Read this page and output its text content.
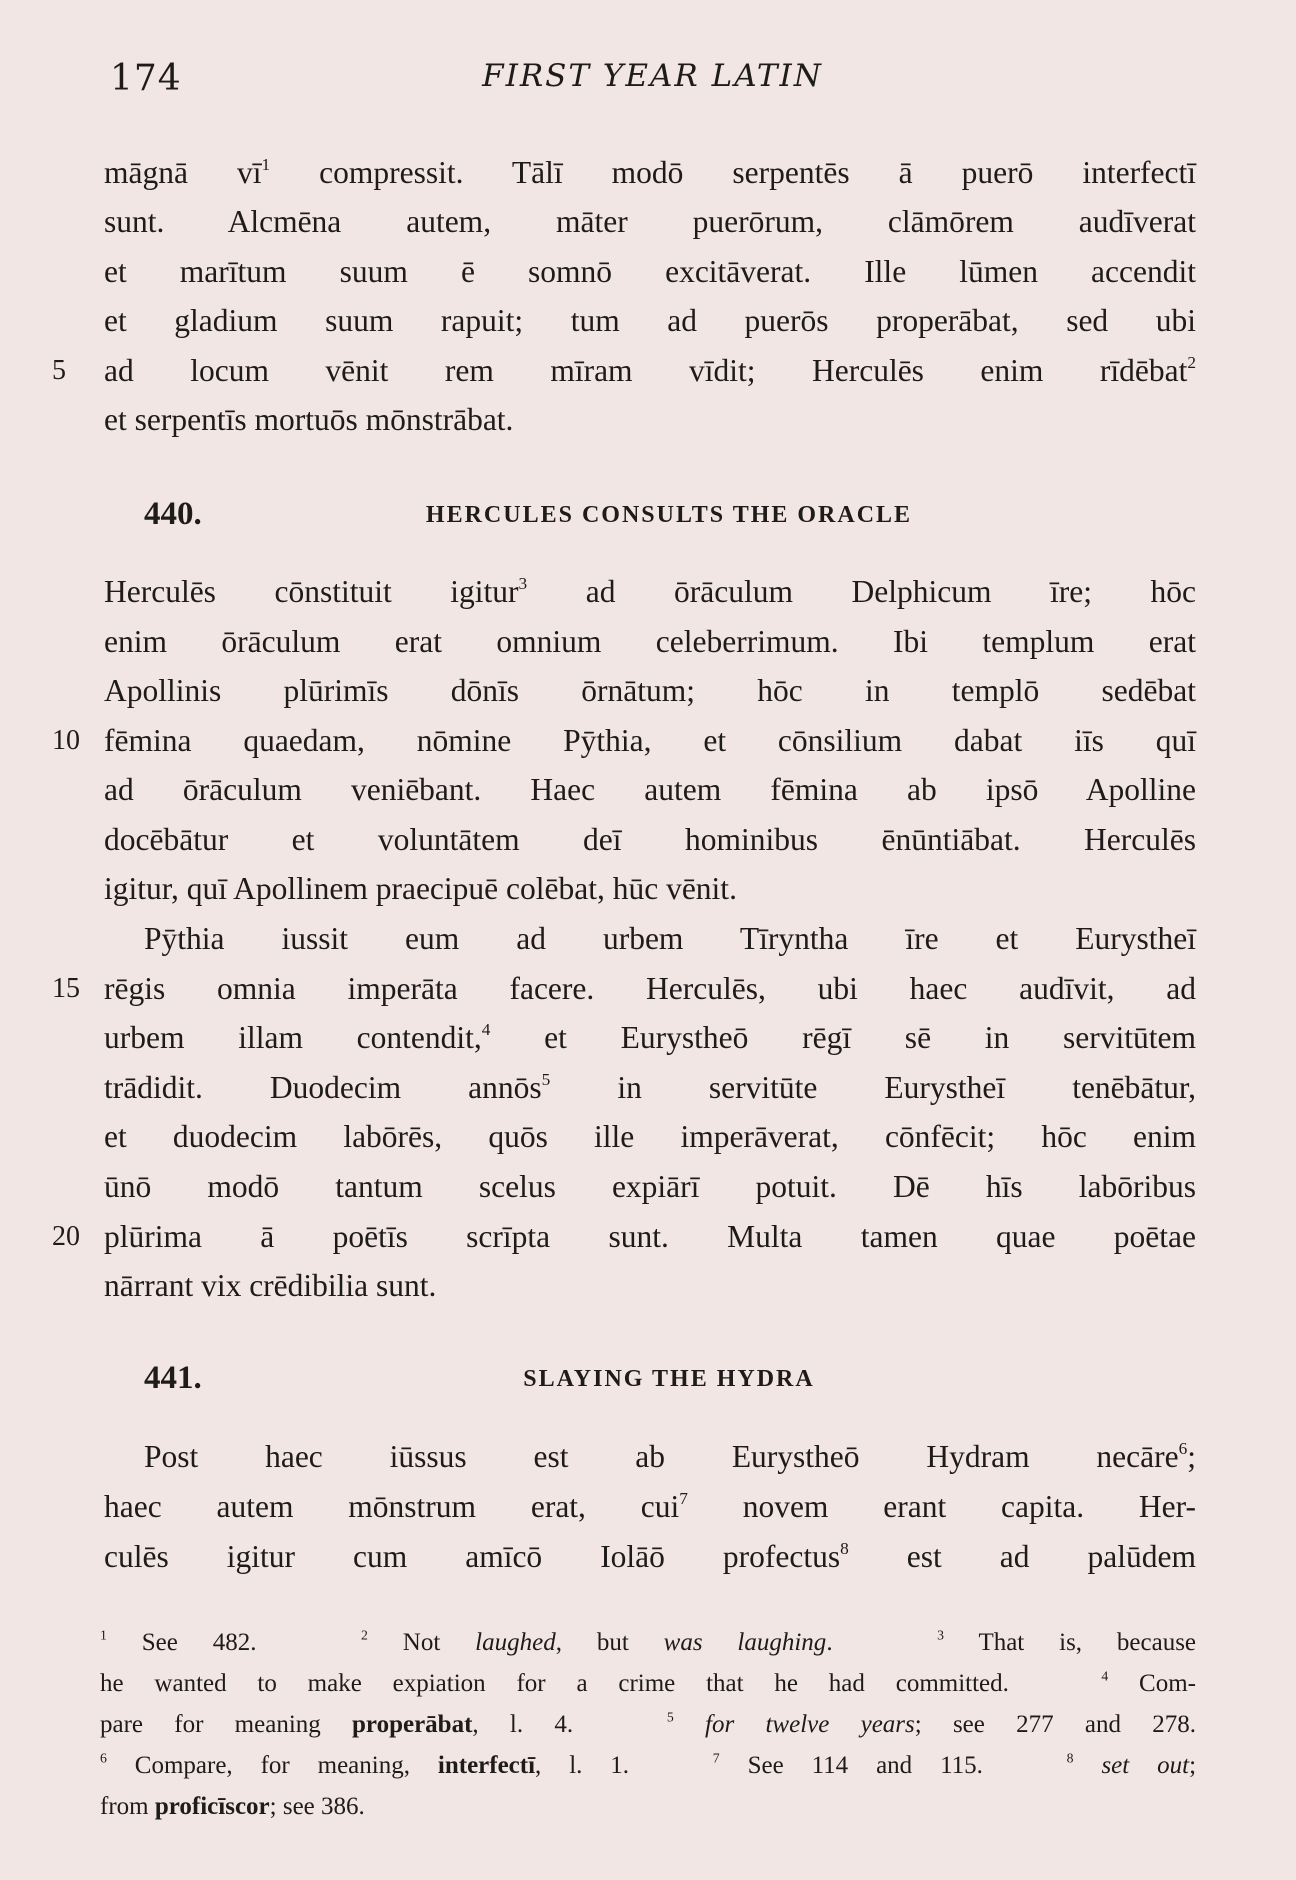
174	FIRST YEAR LATIN
māgnā $vī^1$ compressit. Tālī modō serpentēs ā puerō interfectī
sunt. Alcmēna autem, māter puerōrum, clāmōrem audīverat
et marītum suum ē somnō excitāverat. Ille lūmen accendit
et gladium suum rapuit; tum ad puerōs properābat, sed ubi
5	ad locum vēnit rem mīram vīdit; Herculēs enim rīdēbat$^2$
et serpentīs mortuōs mōnstrābat.
440.	HERCULES CONSULTS THE ORACLE
Herculēs cōnstituit igitur$^3$ ad ōrāculum Delphicum īre; hōc
enim ōrāculum erat omnium celeberrimum. Ibi templum erat
Apollinis plūrimīs dōnīs ōrnātum; hōc in templō sedēbat
10 fēmina quaedam, nōmine Pӯthia, et cōnsilium dabat iīs quī
ad ōrāculum veniēbant. Haec autem fēmina ab ipsō Apolline
docēbātur et voluntātem deī hominibus ēnūntiābat. Herculēs
igitur, quī Apollinem praecipuē colēbat, hūc vēnit.
Pӯthia iussit eum ad urbem Tīryntha īre et Eurystheī
15 rēgis omnia imperāta facere. Herculēs, ubi haec audīvit, ad
urbem illam contendit,$^4$ et Eurystheō rēgī sē in servitūtem
trādidit. Duodecim annōs$^5$ in servitūte Eurystheī tenēbātur,
et duodecim labōrēs, quōs ille imperāverat, cōnfēcit; hōc enim
ūnō modō tantum scelus expiārī potuit. Dē hīs labōribus
20 plūrima ā poētīs scrīpta sunt. Multa tamen quae poētae
nārrant vix crēdibilia sunt.
441.	SLAYING THE HYDRA
Post haec iūssus est ab Eurystheō Hydram necāre$^6$;
haec autem mōnstrum erat, cui$^7$ novem erant capita. Her-
culēs igitur cum amīcō Iolāō profectus$^8$ est ad palūdem
$^1$ See 482.   $^2$ Not laughed, but was laughing.   $^3$ That is, because
he wanted to make expiation for a crime that he had committed.   $^4$ Com-
pare for meaning properābat, l. 4.   $^5$ for twelve years; see 277 and 278.
$^6$ Compare, for meaning, interfectī, l. 1.   $^7$ See 114 and 115.   $^8$ set out;
from proficīscor; see 386.
